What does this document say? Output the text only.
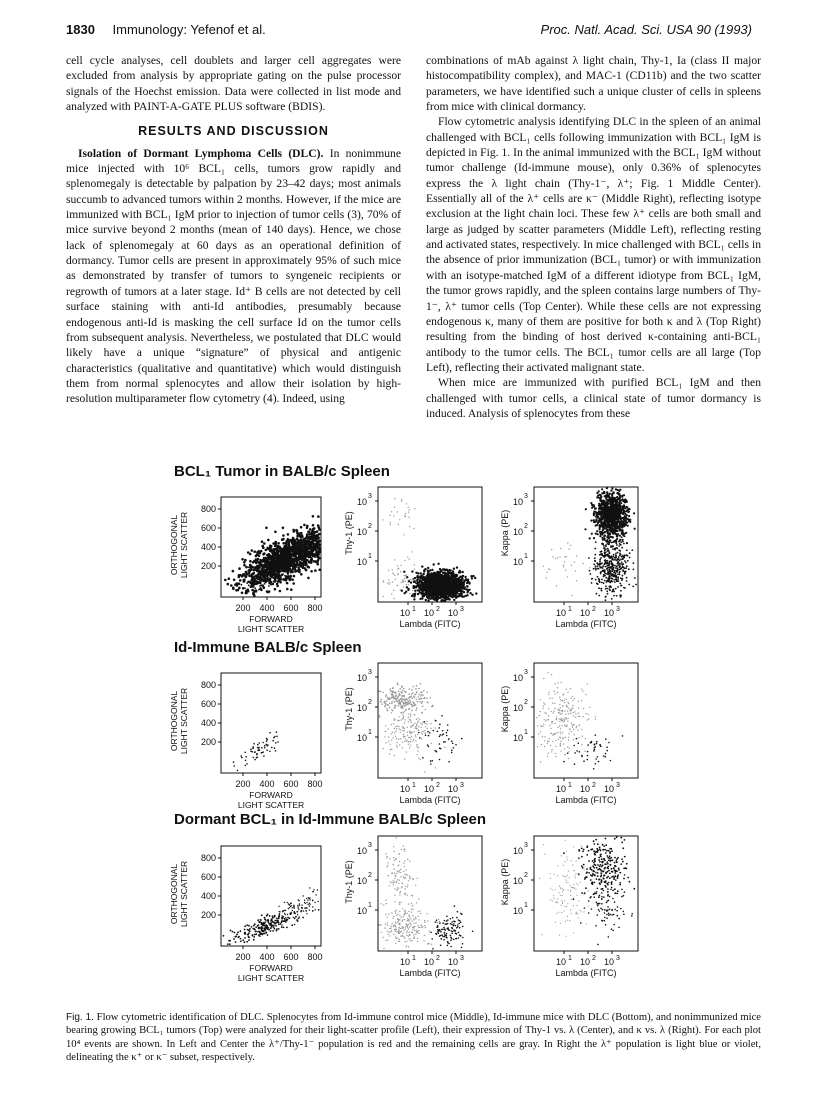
1830 Immunology: Yefenof et al.	Proc. Natl. Acad. Sci. USA 90 (1993)

cell cycle analyses, cell doublets and larger cell aggregates were excluded from analysis by appropriate gating on the pulse processor signals of the Hoechst emission. Data were collected in list mode and analyzed with PAINT-A-GATE PLUS software (BDIS).

RESULTS AND DISCUSSION

Isolation of Dormant Lymphoma Cells (DLC). In nonimmune mice injected with 10⁶ BCL₁ cells, tumors grow rapidly and splenomegaly is detectable by palpation by 23–42 days; most animals succumb to advanced tumors within 2 months. However, if the mice are immunized with BCL₁ IgM prior to injection of tumor cells (3), 70% of mice survive beyond 2 months (mean of 140 days). Hence, we chose lack of splenomegaly at 60 days as an operational definition of dormancy. Tumor cells are present in approximately 95% of such mice as demonstrated by transfer of tumors to syngeneic recipients or regrowth of tumors at a later stage. Id⁺ B cells are not detected by cell surface staining with anti-Id antibodies, presumably because endogenous anti-Id is masking the cell surface Id on the tumor cells from subsequent analysis. Nevertheless, we postulated that DLC would likely have a unique “signature” of physical and antigenic characteristics (qualitative and quantitative) which would distinguish them from normal splenocytes and allow their isolation by high-resolution multiparameter flow cytometry (4). Indeed, using

combinations of mAb against λ light chain, Thy-1, Ia (class II major histocompatibility complex), and MAC-1 (CD11b) and the two scatter parameters, we have identified such a unique cluster of cells in spleens from mice with clinical dormancy.

Flow cytometric analysis identifying DLC in the spleen of an animal challenged with BCL₁ cells following immunization with BCL₁ IgM is depicted in Fig. 1. In the animal immunized with the BCL₁ IgM without tumor challenge (Id-immune mouse), only 0.36% of splenocytes express the λ light chain (Thy-1⁻, λ⁺; Fig. 1 Middle Center). Essentially all of the λ⁺ cells are κ⁻ (Middle Right), reflecting isotype exclusion at the light chain loci. These few λ⁺ cells are both small and large as judged by scatter parameters (Middle Left), reflecting resting and activated states, respectively. In mice challenged with BCL₁ cells in the absence of prior immunization (BCL₁ tumor) or with immunization with an isotype-matched IgM of a different idiotype from BCL₁ IgM, the tumor grows rapidly, and the spleen contains large numbers of Thy-1⁻, λ⁺ tumor cells (Top Center). While these cells are not expressing endogenous κ, many of them are positive for both κ and λ (Top Right) resulting from the binding of host derived κ-containing anti-BCL₁ antibody to the tumor cells. The BCL₁ tumor cells are all large (Top Left), reflecting their activated malignant state.

When mice are immunized with purified BCL₁ IgM and then challenged with tumor cells, a clinical state of tumor dormancy is induced. Analysis of splenocytes from these

BCL₁ Tumor in BALB/c Spleen
Id-Immune BALB/c Spleen
Dormant BCL₁ in Id-Immune BALB/c Spleen
800
600
400
200
200 400 600 800
FORWARD
LIGHT SCATTER
ORTHOGONAL LIGHT SCATTER
10
3
10
2
10
1
10 1 10 2 10 3
Lambda (FITC)
Thy-1 (PE)
10
3
10
2
10
1
10 1 10 2 10 3
Lambda (FITC)
Kappa (PE)
800
600
400
200
200 400 600 800
FORWARD
LIGHT SCATTER
ORTHOGONAL LIGHT SCATTER
10
3
10
2
10
1
10 1 10 2 10 3
Lambda (FITC)
Thy-1 (PE)
10
3
10
2
10
1
10 1 10 2 10 3
Lambda (FITC)
Kappa (PE)
800
600
400
200
200 400 600 800
FORWARD
LIGHT SCATTER
ORTHOGONAL LIGHT SCATTER
10
3
10
2
10
1
10 1 10 2 10 3
Lambda (FITC)
Thy-1 (PE)
10
3
10
2
10
1
10 1 10 2 10 3
Lambda (FITC)
Kappa (PE)
Fig. 1. Flow cytometric identification of DLC. Splenocytes from Id-immune control mice (Middle), Id-immune mice with DLC (Bottom), and nonimmunized mice bearing growing BCL₁ tumors (Top) were analyzed for their light-scatter profile (Left), their expression of Thy-1 vs. λ (Center), and κ vs. λ (Right). For each plot 10⁴ events are shown. In Left and Center the λ⁺/Thy-1⁻ population is red and the remaining cells are gray. In Right the λ⁺ population is light blue or violet, delineating the κ⁺ or κ⁻ subset, respectively.
